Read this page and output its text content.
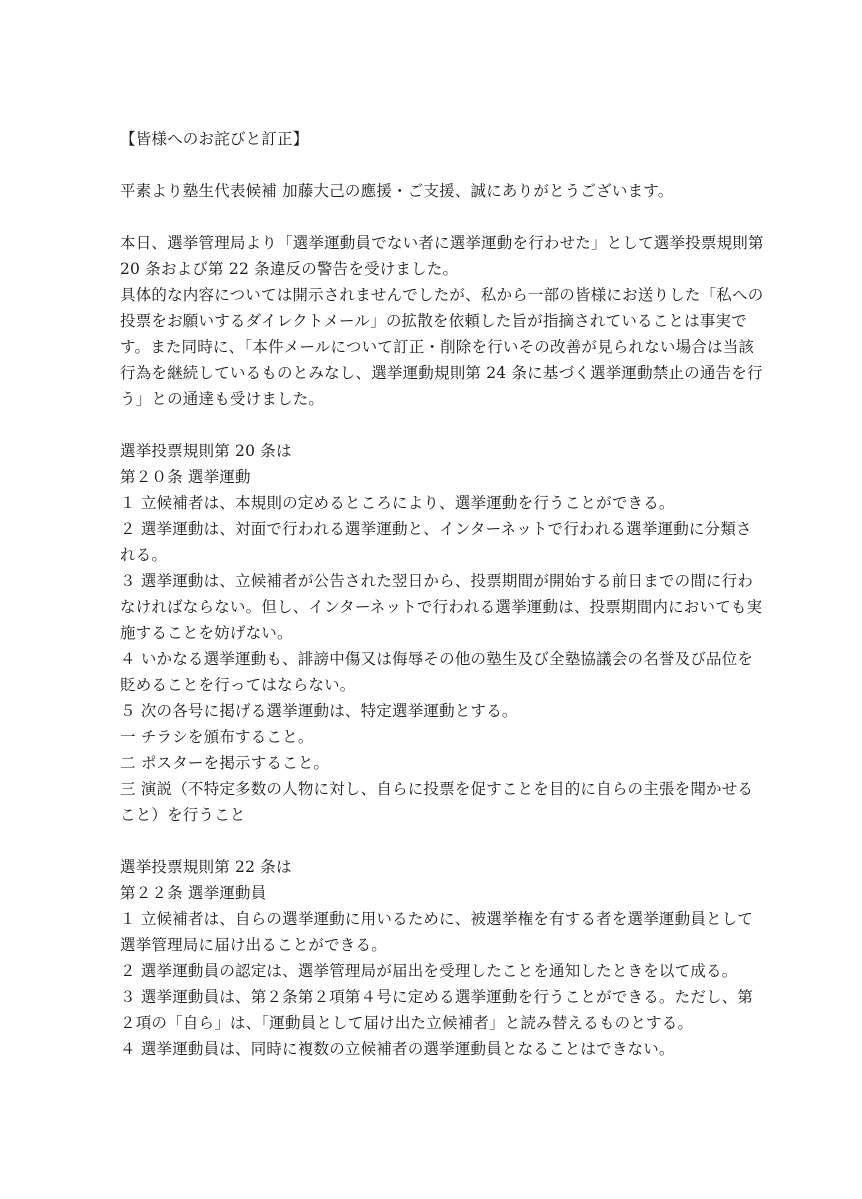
【皆様へのお詫びと訂正】
平素より塾生代表候補 加藤大己の應援・ご支援、誠にありがとうございます。
本日、選挙管理局より「選挙運動員でない者に選挙運動を行わせた」として選挙投票規則第
20 条および第 22 条違反の警告を受けました。
具体的な内容については開示されませんでしたが、私から一部の皆様にお送りした「私への
投票をお願いするダイレクトメール」の拡散を依頼した旨が指摘されていることは事実で
す。また同時に、「本件メールについて訂正・削除を行いその改善が見られない場合は当該
行為を継続しているものとみなし、選挙運動規則第 24 条に基づく選挙運動禁止の通告を行
う」との通達も受けました。
選挙投票規則第 20 条は
第２０条 選挙運動
１ 立候補者は、本規則の定めるところにより、選挙運動を行うことができる。
２ 選挙運動は、対面で行われる選挙運動と、インターネットで行われる選挙運動に分類さ
れる。
３ 選挙運動は、立候補者が公告された翌日から、投票期間が開始する前日までの間に行わ
なければならない。但し、インターネットで行われる選挙運動は、投票期間内においても実
施することを妨げない。
４ いかなる選挙運動も、誹謗中傷又は侮辱その他の塾生及び全塾協議会の名誉及び品位を
貶めることを行ってはならない。
５ 次の各号に掲げる選挙運動は、特定選挙運動とする。
一 チラシを頒布すること。
二 ポスターを掲示すること。
三 演説（不特定多数の人物に対し、自らに投票を促すことを目的に自らの主張を聞かせる
こと）を行うこと
選挙投票規則第 22 条は
第２２条 選挙運動員
１ 立候補者は、自らの選挙運動に用いるために、被選挙権を有する者を選挙運動員として
選挙管理局に届け出ることができる。
２ 選挙運動員の認定は、選挙管理局が届出を受理したことを通知したときを以て成る。
３ 選挙運動員は、第２条第２項第４号に定める選挙運動を行うことができる。ただし、第
２項の「自ら」は、「運動員として届け出た立候補者」と読み替えるものとする。
４ 選挙運動員は、同時に複数の立候補者の選挙運動員となることはできない。
